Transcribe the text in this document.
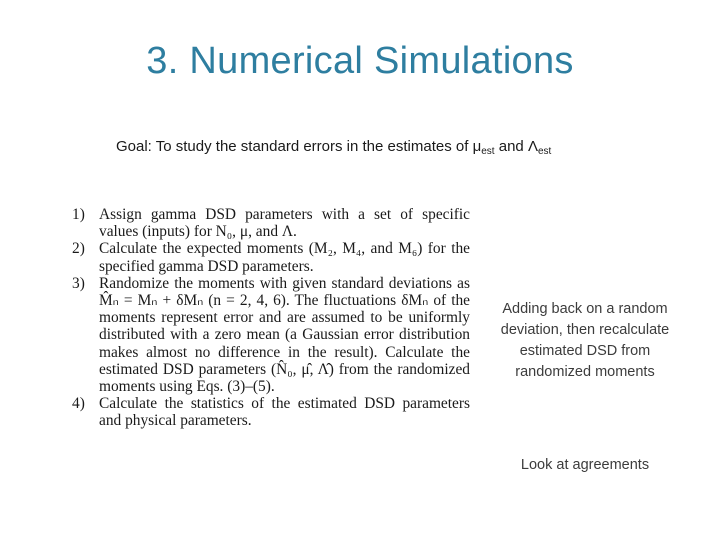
3. Numerical Simulations
Goal: To study the standard errors in the estimates of $\mu_{est}$ and $\Lambda_{est}$
1) Assign gamma DSD parameters with a set of specific values (inputs) for N₀, μ, and Λ.
2) Calculate the expected moments (M₂, M₄, and M₆) for the specified gamma DSD parameters.
3) Randomize the moments with given standard deviations as M̂ₙ = Mₙ + δMₙ (n = 2, 4, 6). The fluctuations δMₙ of the moments represent error and are assumed to be uniformly distributed with a zero mean (a Gaussian error distribution makes almost no difference in the result). Calculate the estimated DSD parameters (N̂₀, μ̂, Λ̂) from the randomized moments using Eqs. (3)–(5).
4) Calculate the statistics of the estimated DSD parameters and physical parameters.
Adding back on a random deviation, then recalculate estimated DSD from randomized moments
Look at agreements
